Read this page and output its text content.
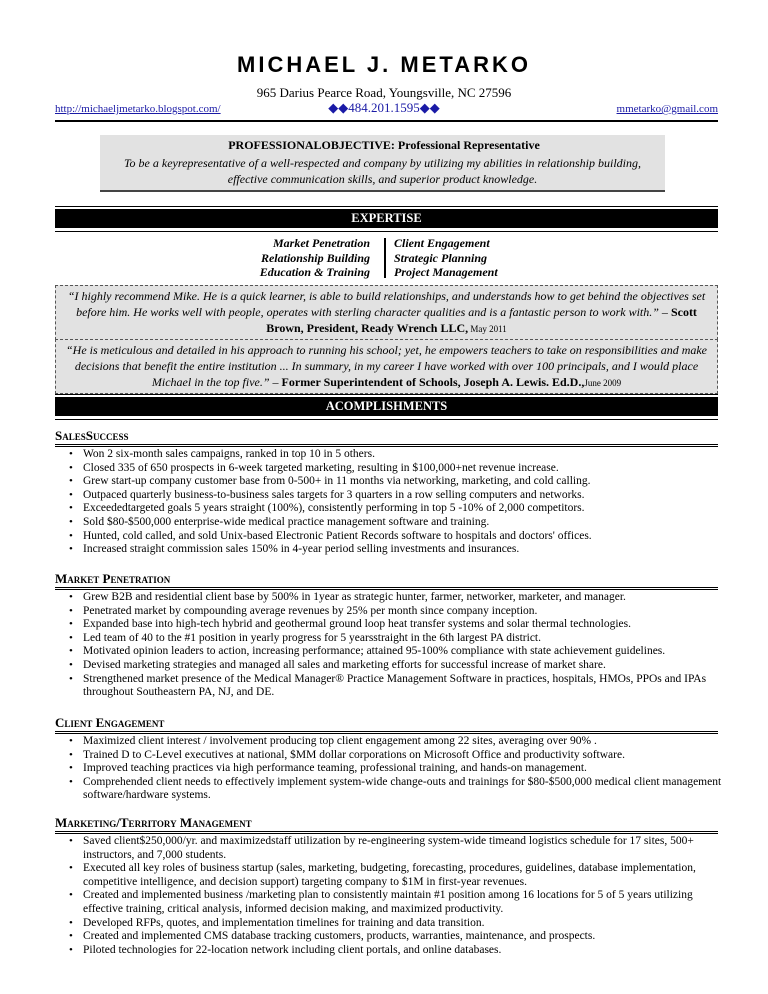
MICHAEL J. METARKO
965 Darius Pearce Road, Youngsville, NC 27596
◆◆484.201.1595◆◆
http://michaeljmetarko.blogspot.com/	mmetarko@gmail.com
PROFESSIONALOBJECTIVE: Professional Representative
To be a keyrepresentative of a well-respected and company by utilizing my abilities in relationship building, effective communication skills, and superior product knowledge.
EXPERTISE
Market Penetration
Relationship Building
Education & Training
Client Engagement
Strategic Planning
Project Management
“I highly recommend Mike. He is a quick learner, is able to build relationships, and understands how to get behind the objectives set before him. He works well with people, operates with sterling character qualities and is a fantastic person to work with.” – Scott Brown, President, Ready Wrench LLC, May 2011
“He is meticulous and detailed in his approach to running his school; yet, he empowers teachers to take on responsibilities and make decisions that benefit the entire institution ... In summary, in my career I have worked with over 100 principals, and I would place Michael in the top five.” – Former Superintendent of Schools, Joseph A. Lewis. Ed.D.,June 2009
ACOMPLISHMENTS
SalesSuccess
• Won 2 six-month sales campaigns, ranked in top 10 in 5 others.
• Closed 335 of 650 prospects in 6-week targeted marketing, resulting in $100,000+net revenue increase.
• Grew start-up company customer base from 0-500+ in 11 months via networking, marketing, and cold calling.
• Outpaced quarterly business-to-business sales targets for 3 quarters in a row selling computers and networks.
• Exceededtargeted goals 5 years straight (100%), consistently performing in top 5 -10% of 2,000 competitors.
• Sold $80-$500,000 enterprise-wide medical practice management software and training.
• Hunted, cold called, and sold Unix-based Electronic Patient Records software to hospitals and doctors' offices.
• Increased straight commission sales 150% in 4-year period selling investments and insurances.
Market Penetration
• Grew B2B and residential client base by 500% in 1year as strategic hunter, farmer, networker, marketer, and manager.
• Penetrated market by compounding average revenues by 25% per month since company inception.
• Expanded base into high-tech hybrid and geothermal ground loop heat transfer systems and solar thermal technologies.
• Led team of 40 to the #1 position in yearly progress for 5 yearsstraight in the 6th largest PA district.
• Motivated opinion leaders to action, increasing performance; attained 95-100% compliance with state achievement guidelines.
• Devised marketing strategies and managed all sales and marketing efforts for successful increase of market share.
• Strengthened market presence of the Medical Manager® Practice Management Software in practices, hospitals, HMOs, PPOs and IPAs throughout Southeastern PA, NJ, and DE.
Client Engagement
• Maximized client interest / involvement producing top client engagement among 22 sites, averaging over 90% .
• Trained D to C-Level executives at national, $MM dollar corporations on Microsoft Office and productivity software.
• Improved teaching practices via high performance teaming, professional training, and hands-on management.
• Comprehended client needs to effectively implement system-wide change-outs and trainings for $80-$500,000 medical client management software/hardware systems.
Marketing/Territory Management
• Saved client$250,000/yr. and maximizedstaff utilization by re-engineering system-wide timeand logistics schedule for 17 sites, 500+ instructors, and 7,000 students.
• Executed all key roles of business startup (sales, marketing, budgeting, forecasting, procedures, guidelines, database implementation, competitive intelligence, and decision support) targeting company to $1M in first-year revenues.
• Created and implemented business /marketing plan to consistently maintain #1 position among 16 locations for 5 of 5 years utilizing effective training, critical analysis, informed decision making, and maximized productivity.
• Developed RFPs, quotes, and implementation timelines for training and data transition.
• Created and implemented CMS database tracking customers, products, warranties, maintenance, and prospects.
• Piloted technologies for 22-location network including client portals, and online databases.
